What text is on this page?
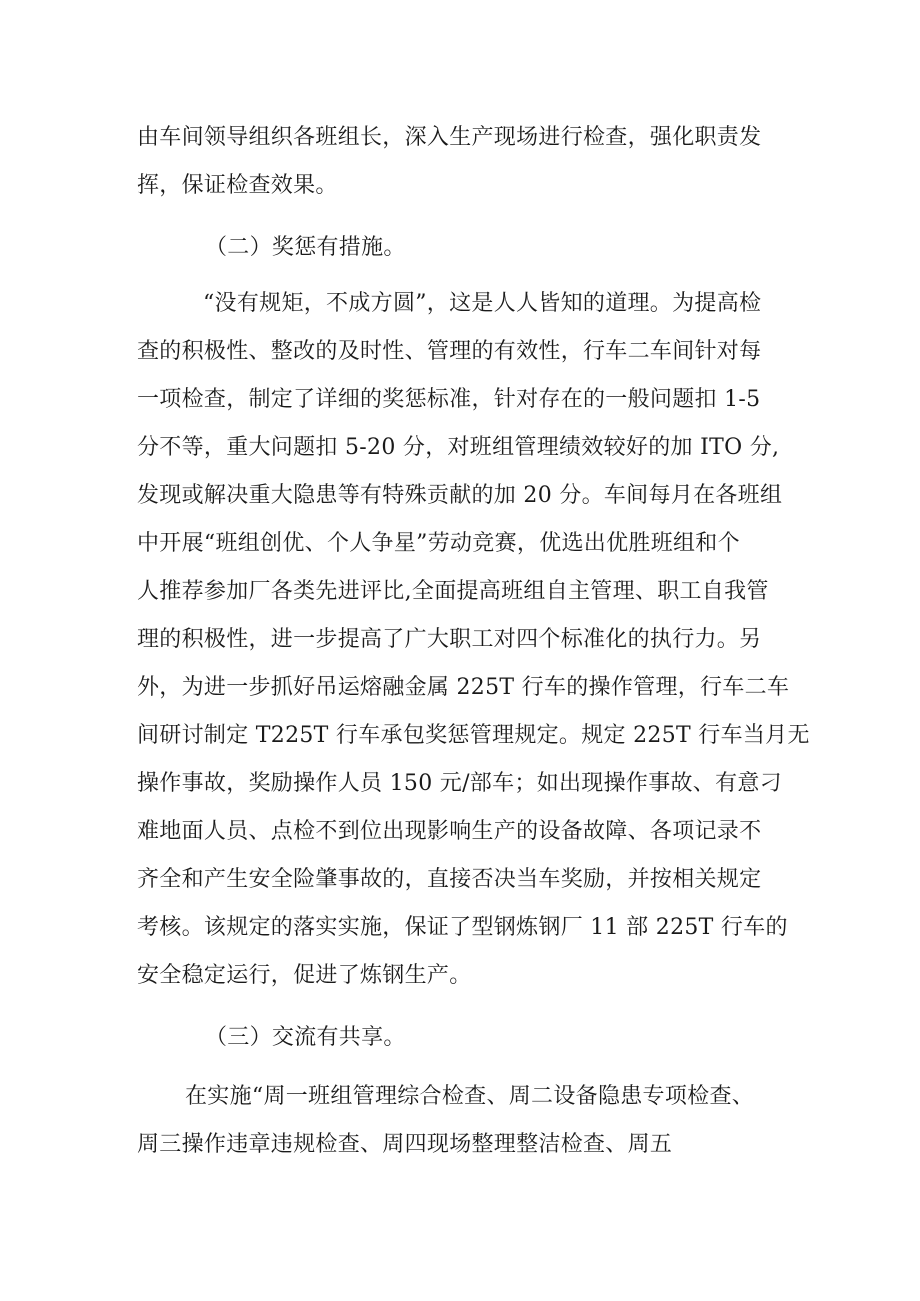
由车间领导组织各班组长，深入生产现场进行检查，强化职责发
挥，保证检查效果。
（二）奖惩有措施。
“没有规矩，不成方圆”，这是人人皆知的道理。为提高检
查的积极性、整改的及时性、管理的有效性，行车二车间针对每
一项检查，制定了详细的奖惩标准，针对存在的一般问题扣 1-5
分不等，重大问题扣 5-20 分，对班组管理绩效较好的加 ITO 分,
发现或解决重大隐患等有特殊贡献的加 20 分。车间每月在各班组
中开展“班组创优、个人争星”劳动竞赛，优选出优胜班组和个
人推荐参加厂各类先进评比,全面提高班组自主管理、职工自我管
理的积极性，进一步提高了广大职工对四个标准化的执行力。另
外，为进一步抓好吊运熔融金属 225T 行车的操作管理，行车二车
间研讨制定 T225T 行车承包奖惩管理规定。规定 225T 行车当月无
操作事故，奖励操作人员 150 元/部车；如出现操作事故、有意刁
难地面人员、点检不到位出现影响生产的设备故障、各项记录不
齐全和产生安全险肇事故的，直接否决当车奖励，并按相关规定
考核。该规定的落实实施，保证了型钢炼钢厂 11 部 225T 行车的
安全稳定运行，促进了炼钢生产。
（三）交流有共享。
在实施“周一班组管理综合检查、周二设备隐患专项检查、
周三操作违章违规检查、周四现场整理整洁检查、周五
